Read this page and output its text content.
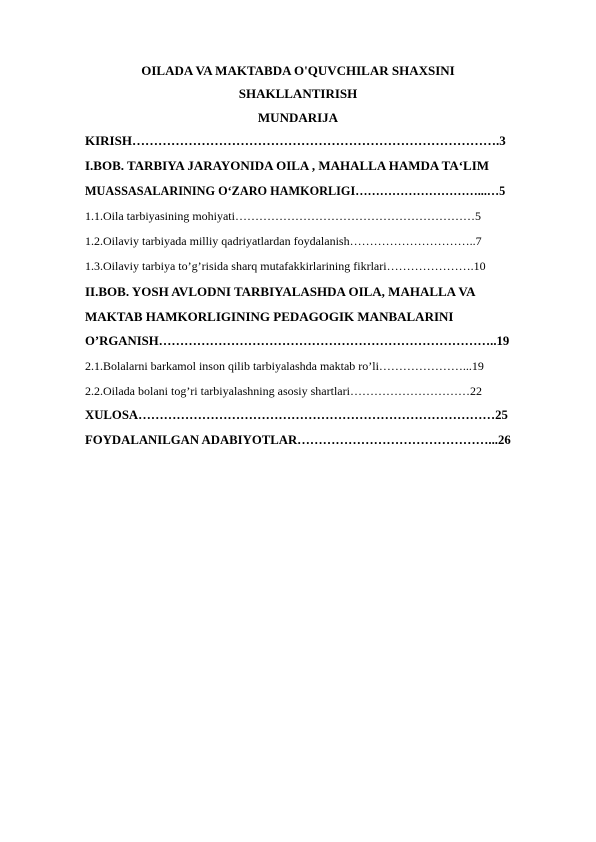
OILADA VA MAKTABDA O'QUVCHILAR SHAXSINI
SHAKLLANTIRISH
MUNDARIJA
KIRISH………………………………………………………………………….3
I.BOB. TARBIYA JARAYONIDA OILA , MAHALLA HAMDA TA‘LIM
MUASSASALARINING O‘ZARO HAMKORLIGI…………………………...…5
1.1.Oila tarbiyasining mohiyati……………………………………………………5
1.2.Oilaviy tarbiyada milliy qadriyatlardan foydalanish…………………………..7
1.3.Oilaviy tarbiya to’g’risida sharq mutafakkirlarining fikrlari………………….10
II.BOB. YOSH AVLODNI TARBIYALASHDA OILA, MAHALLA VA
MAKTAB HAMKORLIGINING PEDAGOGIK MANBALARINI
O’RGANISH……………………………………………………………………..19
2.1.Bolalarni barkamol inson qilib tarbiyalashda maktab ro’li…………………...19
2.2.Oilada bolani tog’ri tarbiyalashning asosiy shartlari…………………………22
XULOSA…………………………………………………………………………25
FOYDALANILGAN ADABIYOTLAR………………………………………...26
